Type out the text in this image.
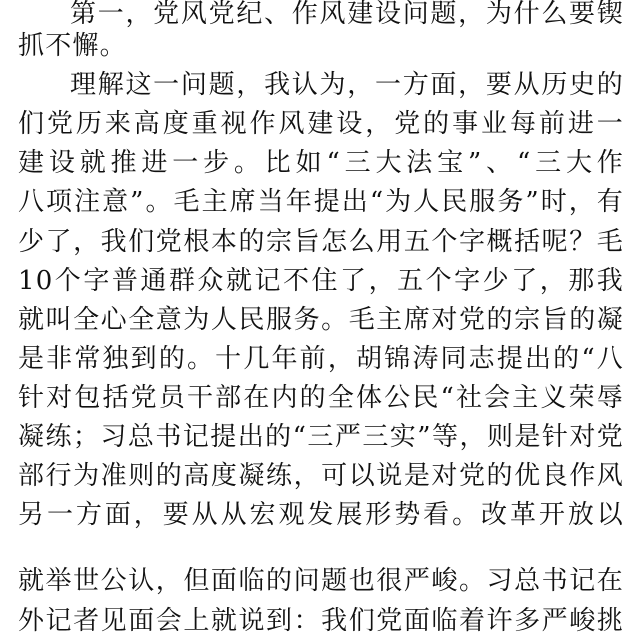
第一，党风党纪、作风建设问题，为什么要锲
抓不懈。
理解这一问题，我认为，一方面，要从历史的
们党历来高度重视作风建设，党的事业每前进一
建设就推进一步。比如“三大法宝”、“三大作
八项注意”。毛主席当年提出“为人民服务”时，有
少了，我们党根本的宗旨怎么用五个字概括呢？毛
10个字普通群众就记不住了，五个字少了，那我
就叫全心全意为人民服务。毛主席对党的宗旨的凝
是非常独到的。十几年前，胡锦涛同志提出的“八
针对包括党员干部在内的全体公民“社会主义荣辱
凝练；习总书记提出的“三严三实”等，则是针对党
部行为准则的高度凝练，可以说是对党的优良作风
另一方面，要从从宏观发展形势看。改革开放以
就举世公认，但面临的问题也很严峻。习总书记在
外记者见面会上就说到：我们党面临着许多严峻挑
